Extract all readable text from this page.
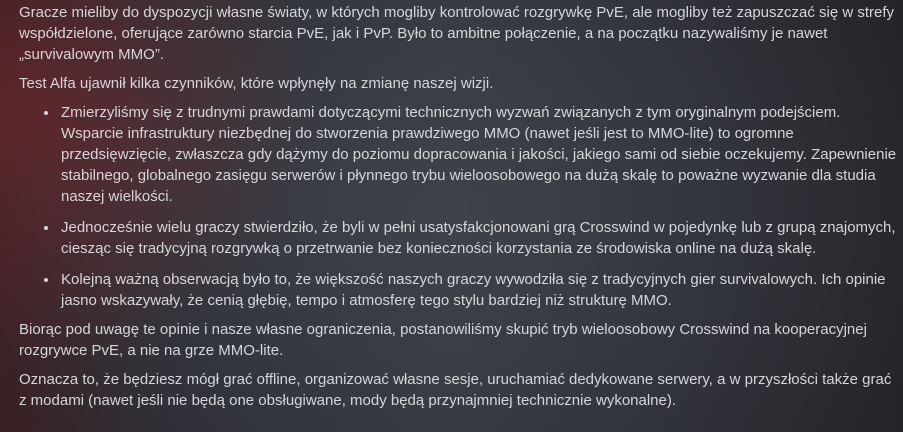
Gracze mieliby do dyspozycji własne światy, w których mogliby kontrolować rozgrywkę PvE, ale mogliby też zapuszczać się w strefy współdzielone, oferujące zarówno starcia PvE, jak i PvP. Było to ambitne połączenie, a na początku nazywaliśmy je nawet „survivalowym MMO”.

Test Alfa ujawnił kilka czynników, które wpłynęły na zmianę naszej wizji.

• Zmierzyliśmy się z trudnymi prawdami dotyczącymi technicznych wyzwań związanych z tym oryginalnym podejściem. Wsparcie infrastruktury niezbędnej do stworzenia prawdziwego MMO (nawet jeśli jest to MMO-lite) to ogromne przedsięwzięcie, zwłaszcza gdy dążymy do poziomu dopracowania i jakości, jakiego sami od siebie oczekujemy. Zapewnienie stabilnego, globalnego zasięgu serwerów i płynnego trybu wieloosobowego na dużą skalę to poważne wyzwanie dla studia naszej wielkości.
• Jednocześnie wielu graczy stwierdziło, że byli w pełni usatysfakcjonowani grą Crosswind w pojedynkę lub z grupą znajomych, ciesząc się tradycyjną rozgrywką o przetrwanie bez konieczności korzystania ze środowiska online na dużą skalę.
• Kolejną ważną obserwacją było to, że większość naszych graczy wywodziła się z tradycyjnych gier survivalowych. Ich opinie jasno wskazywały, że cenią głębię, tempo i atmosferę tego stylu bardziej niż strukturę MMO.

Biorąc pod uwagę te opinie i nasze własne ograniczenia, postanowiliśmy skupić tryb wieloosobowy Crosswind na kooperacyjnej rozgrywce PvE, a nie na grze MMO-lite.

Oznacza to, że będziesz mógł grać offline, organizować własne sesje, uruchamiać dedykowane serwery, a w przyszłości także grać z modami (nawet jeśli nie będą one obsługiwane, mody będą przynajmniej technicznie wykonalne).
